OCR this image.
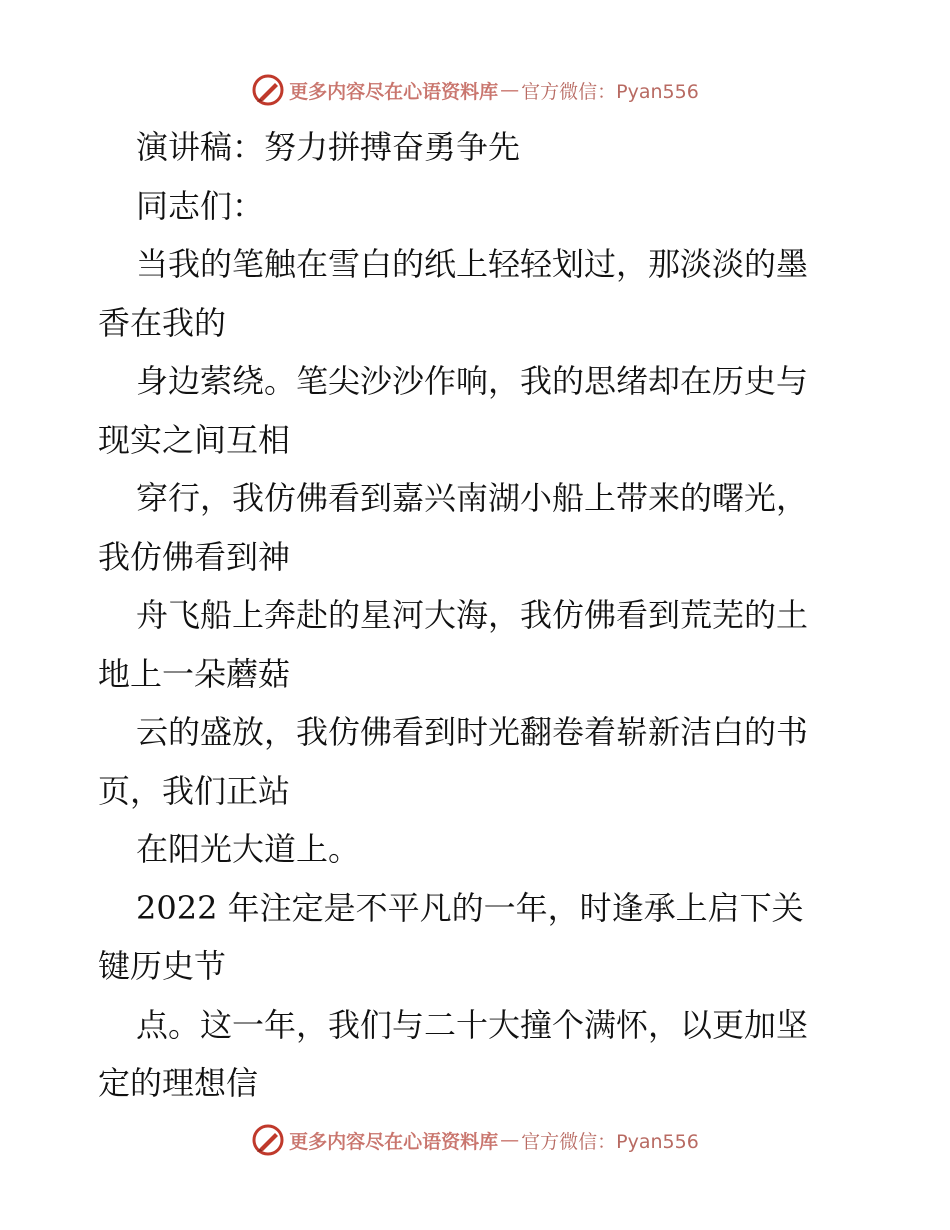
更多内容尽在心语资料库 — 官方微信：Pyan556
演讲稿：努力拼搏奋勇争先
同志们：
当我的笔触在雪白的纸上轻轻划过，那淡淡的墨
香在我的
身边萦绕。笔尖沙沙作响，我的思绪却在历史与
现实之间互相
穿行，我仿佛看到嘉兴南湖小船上带来的曙光，
我仿佛看到神
舟飞船上奔赴的星河大海，我仿佛看到荒芜的土
地上一朵蘑菇
云的盛放，我仿佛看到时光翻卷着崭新洁白的书
页，我们正站
在阳光大道上。
2022 年注定是不平凡的一年，时逢承上启下关
键历史节
点。这一年，我们与二十大撞个满怀，以更加坚
定的理想信
更多内容尽在心语资料库 — 官方微信：Pyan556
